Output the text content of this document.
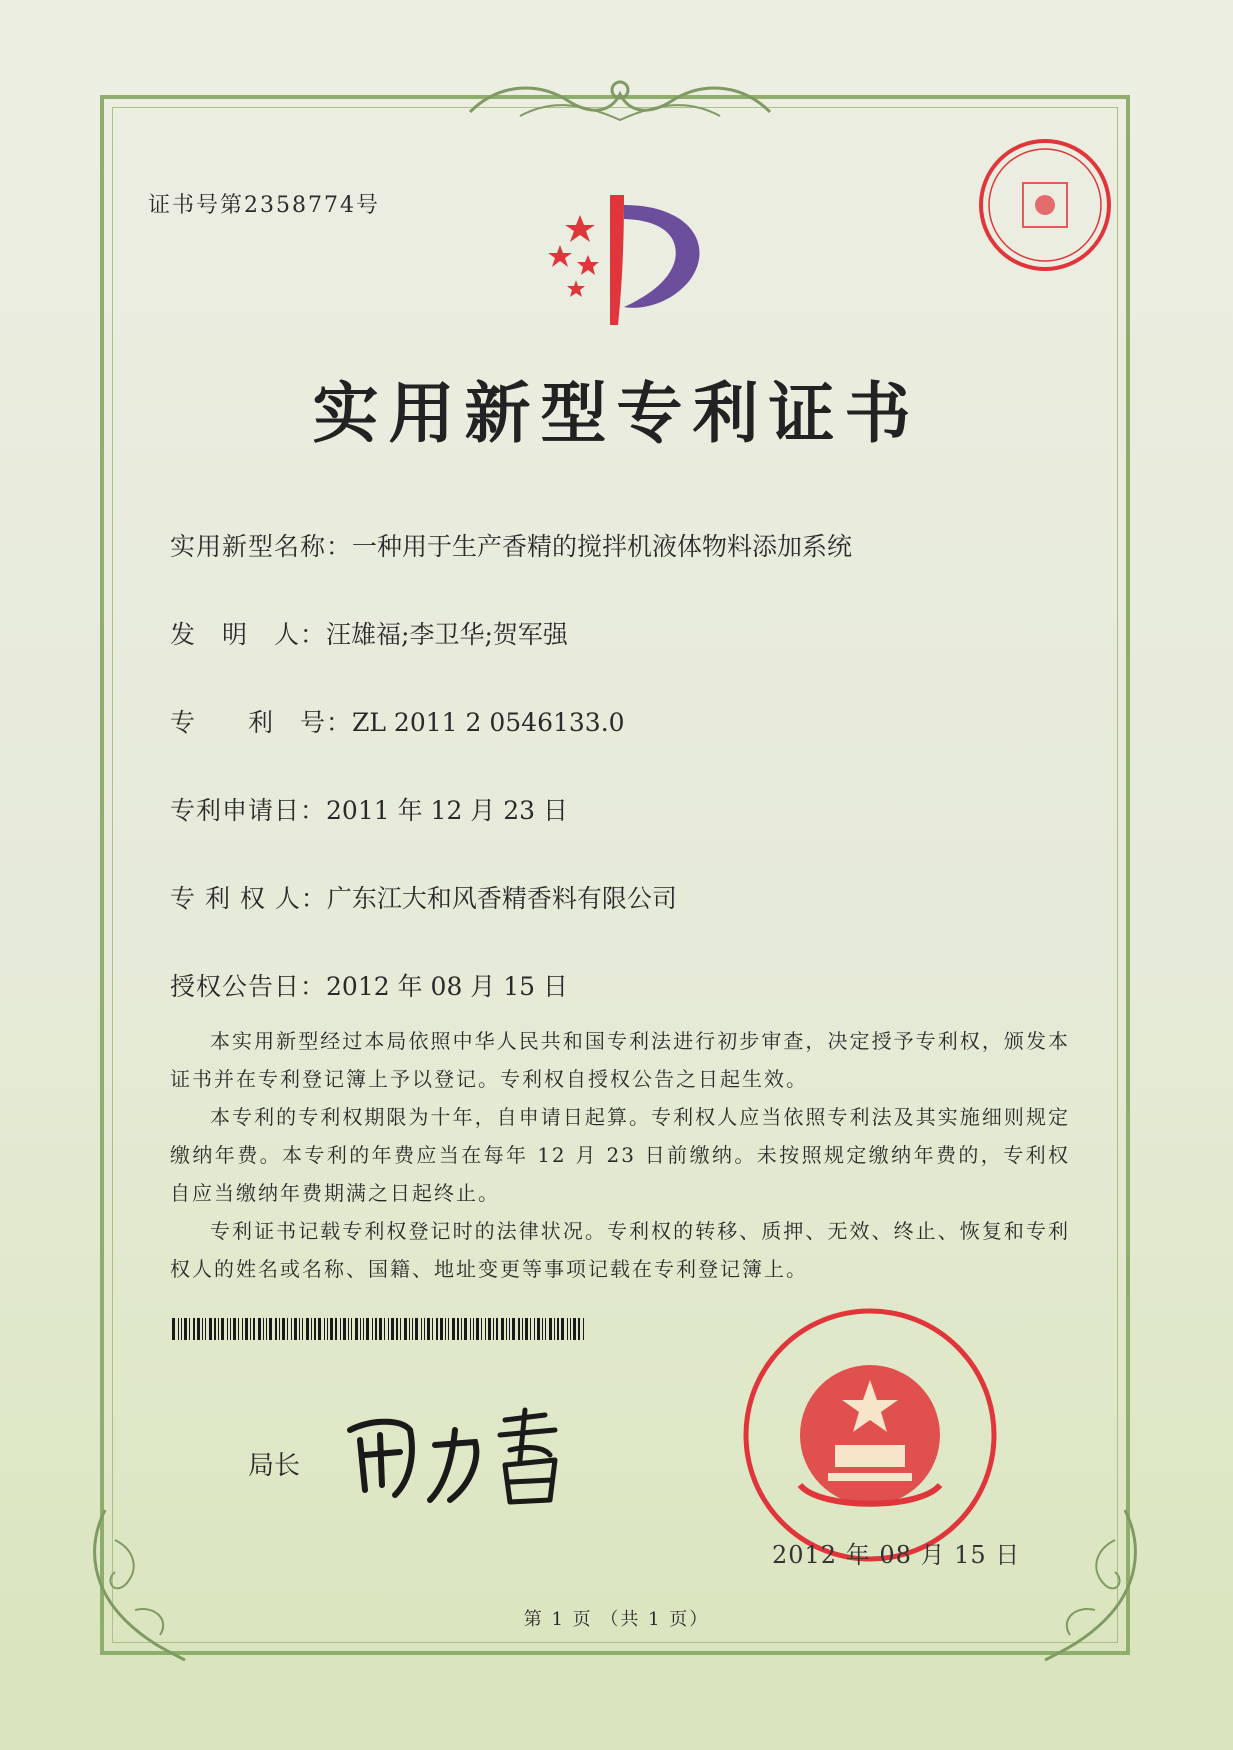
证书号第2358774号
实用新型专利证书
实用新型名称：一种用于生产香精的搅拌机液体物料添加系统
发　明　人：汪雄福;李卫华;贺军强
专　　利　号：ZL 2011 2 0546133.0
专利申请日：2011 年 12 月 23 日
专 利 权 人：广东江大和风香精香料有限公司
授权公告日：2012 年 08 月 15 日

本实用新型经过本局依照中华人民共和国专利法进行初步审查，决定授予专利权，颁发本证书并在专利登记簿上予以登记。专利权自授权公告之日起生效。

本专利的专利权期限为十年，自申请日起算。专利权人应当依照专利法及其实施细则规定缴纳年费。本专利的年费应当在每年 12 月 23 日前缴纳。未按照规定缴纳年费的，专利权自应当缴纳年费期满之日起终止。

专利证书记载专利权登记时的法律状况。专利权的转移、质押、无效、终止、恢复和专利权人的姓名或名称、国籍、地址变更等事项记载在专利登记簿上。

局长
2012 年 08 月 15 日
第 1 页 （共 1 页）
